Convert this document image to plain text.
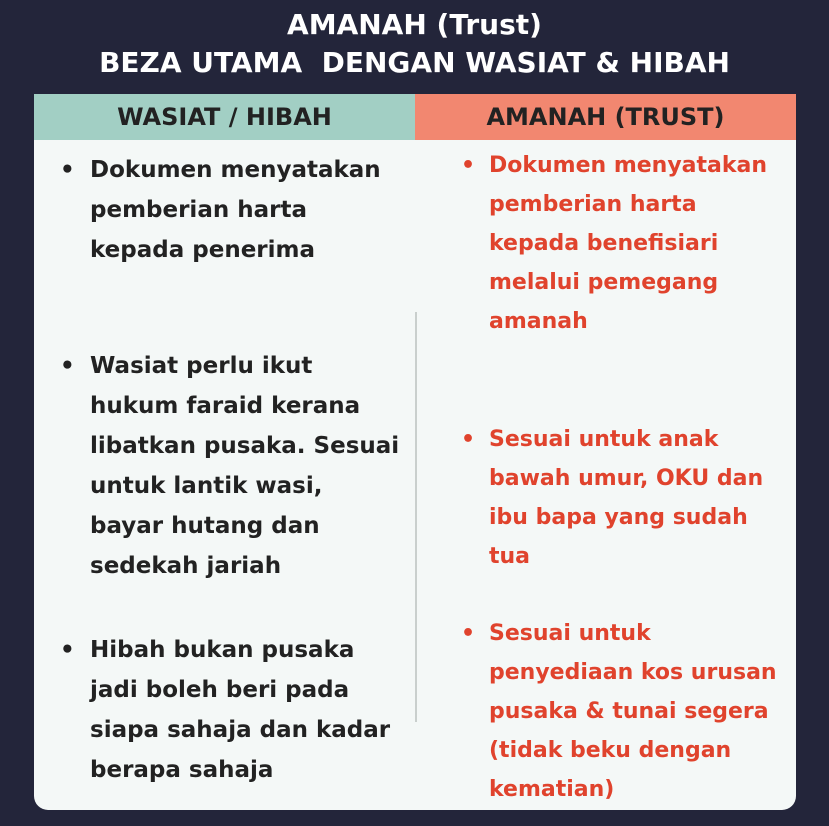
AMANAH (Trust)
BEZA UTAMA  DENGAN WASIAT & HIBAH
WASIAT / HIBAH	AMANAH (TRUST)
• Dokumen menyatakan pemberian harta kepada penerima
• Wasiat perlu ikut hukum faraid kerana libatkan pusaka. Sesuai untuk lantik wasi, bayar hutang dan sedekah jariah
• Hibah bukan pusaka jadi boleh beri pada siapa sahaja dan kadar berapa sahaja
• Dokumen menyatakan pemberian harta kepada benefisiari melalui pemegang amanah
• Sesuai untuk anak bawah umur, OKU dan ibu bapa yang sudah tua
• Sesuai untuk penyediaan kos urusan pusaka & tunai segera (tidak beku dengan kematian)
